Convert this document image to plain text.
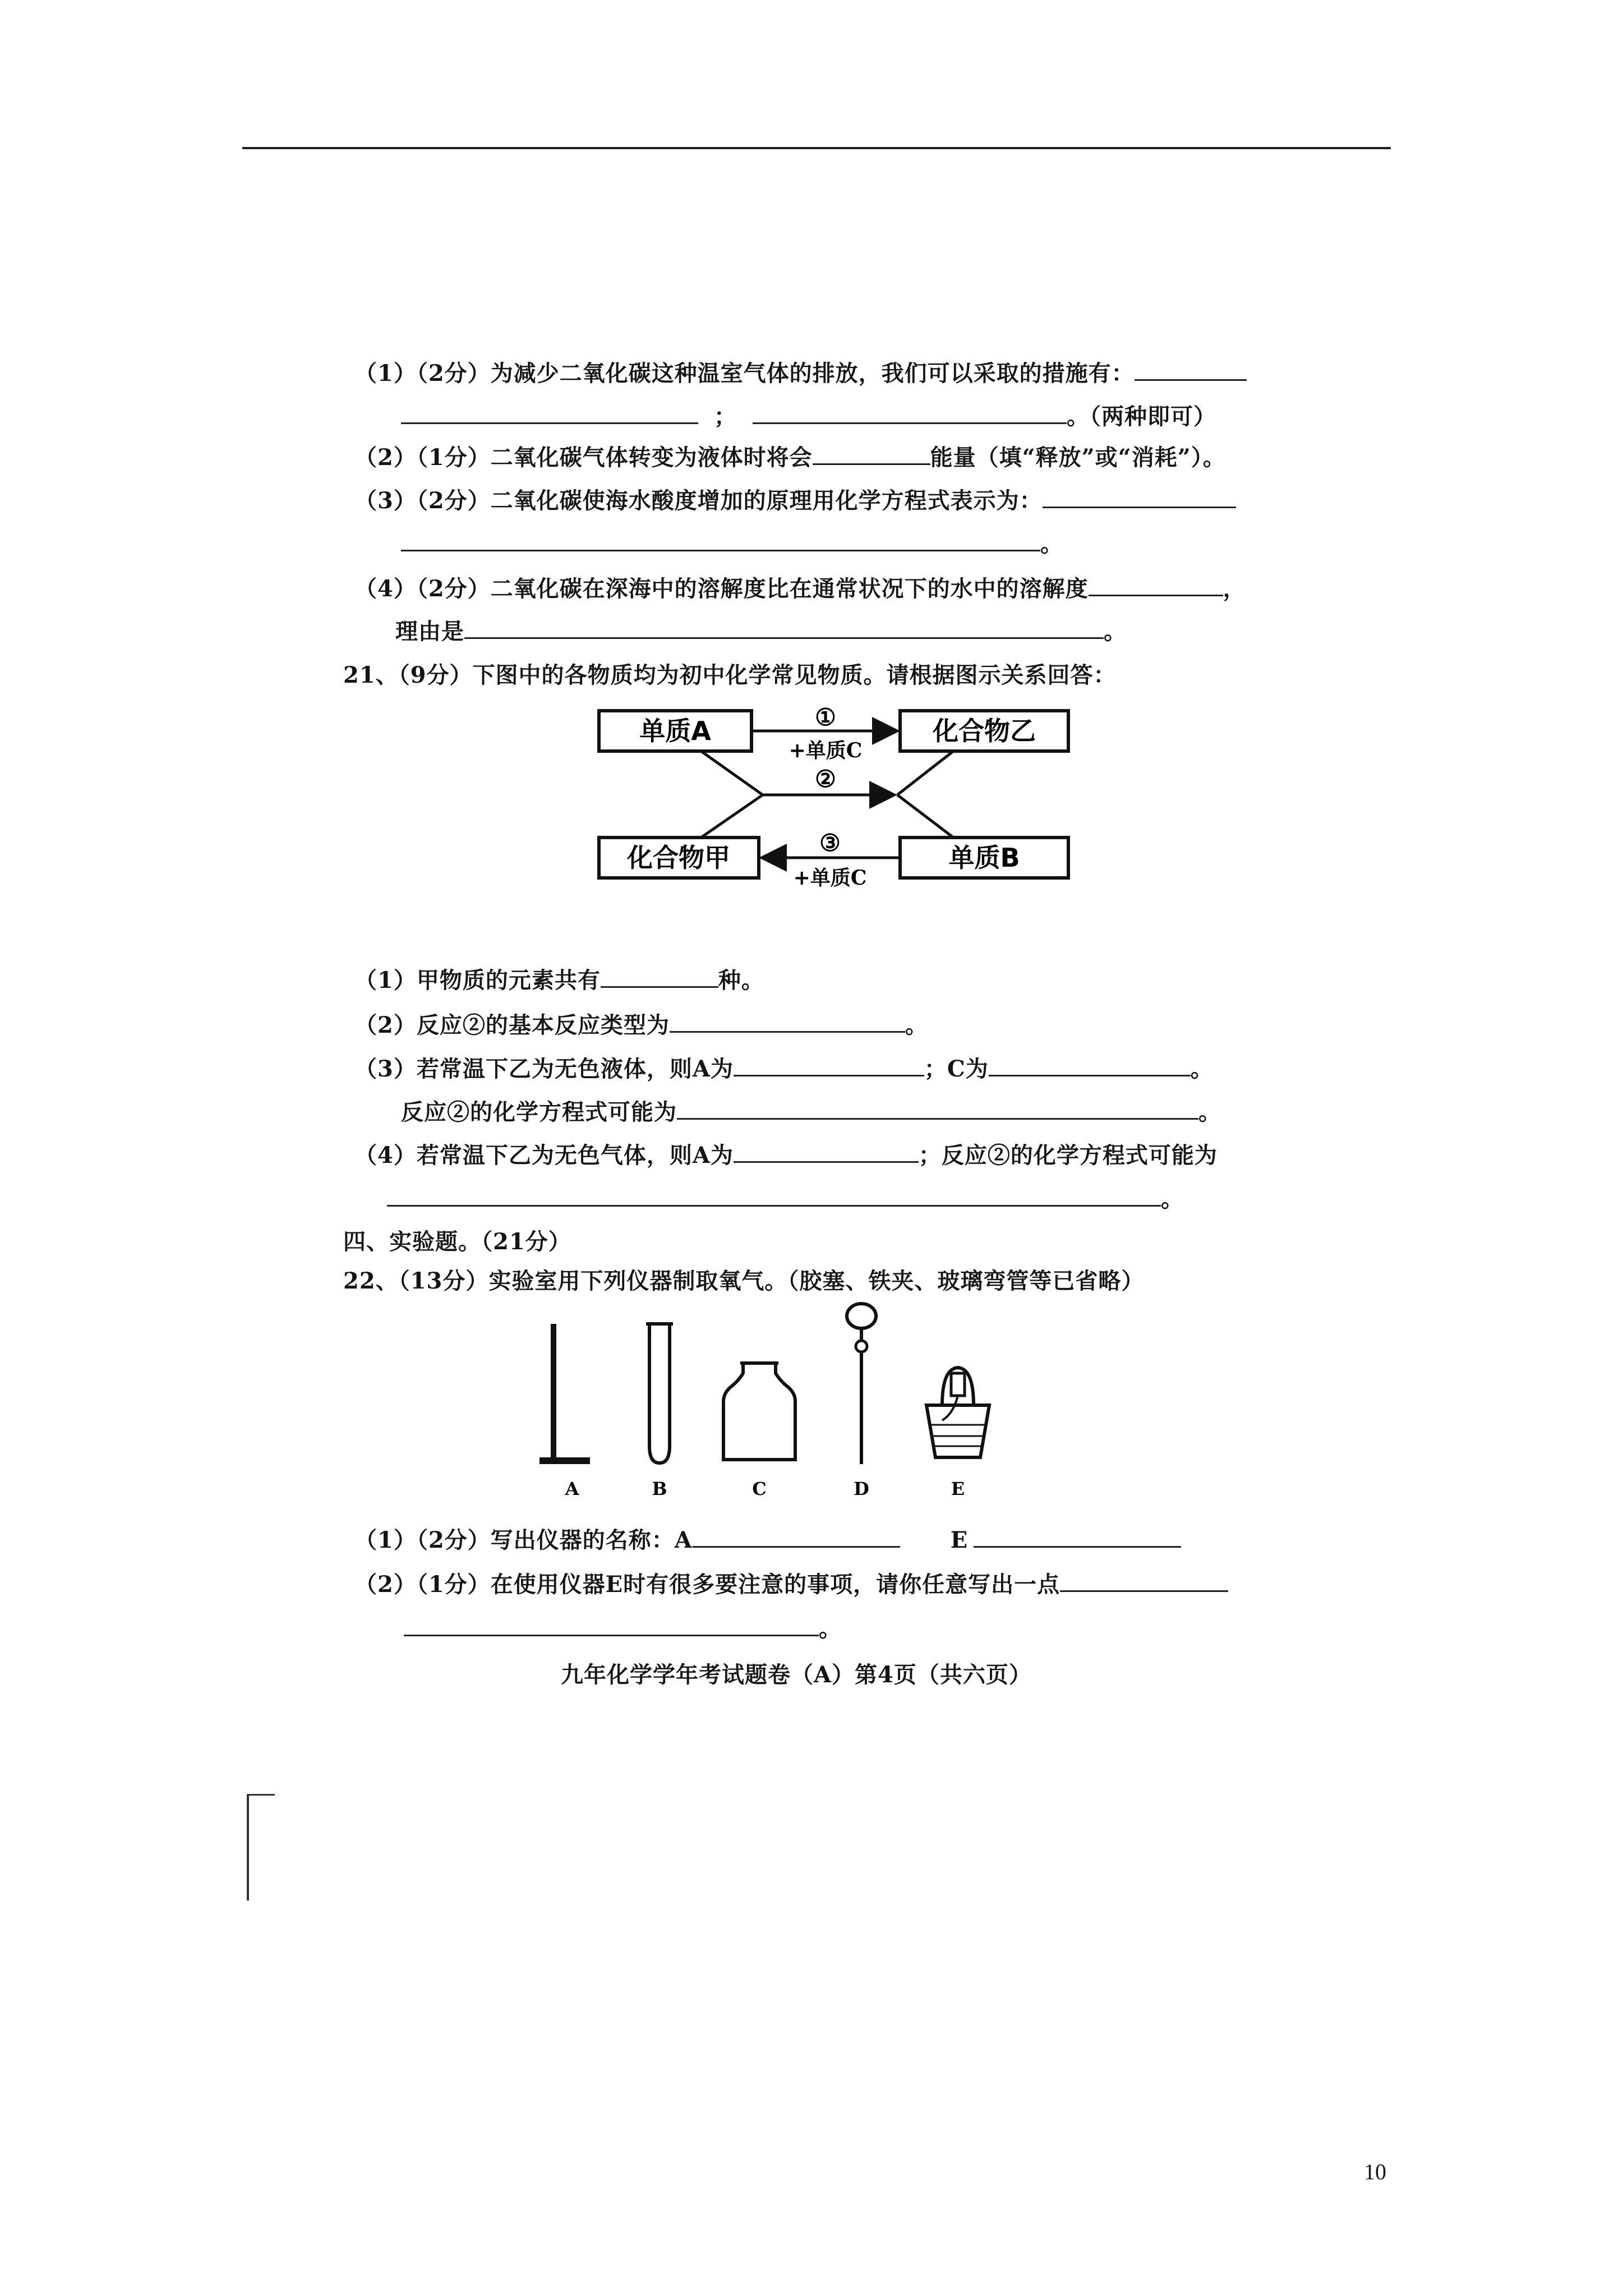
（1）（2分）为减少二氧化碳这种温室气体的排放，我们可以采取的措施有：
；	。（两种即可）
（2）（1分）二氧化碳气体转变为液体时将会	能量（填“释放”或“消耗”）。
（3）（2分）二氧化碳使海水酸度增加的原理用化学方程式表示为：
。
（4）（2分）二氧化碳在深海中的溶解度比在通常状况下的水中的溶解度	，
理由是	。
21、（9分）下图中的各物质均为初中化学常见物质。请根据图示关系回答：
单质A	化合物乙
化合物甲	单质B
①
+单质C
②
③
+单质C
（1）甲物质的元素共有	种。
（2）反应②的基本反应类型为	。
（3）若常温下乙为无色液体，则A为	；C为	。
反应②的化学方程式可能为	。
（4）若常温下乙为无色气体，则A为	；反应②的化学方程式可能为
。
四、实验题。（21分）
22、（13分）实验室用下列仪器制取氧气。（胶塞、铁夹、玻璃弯管等已省略）
A	B	C	D	E
（1）（2分）写出仪器的名称：A	E
（2）（1分）在使用仪器E时有很多要注意的事项，请你任意写出一点
。
九年化学学年考试题卷（A）第4页（共六页）
10
